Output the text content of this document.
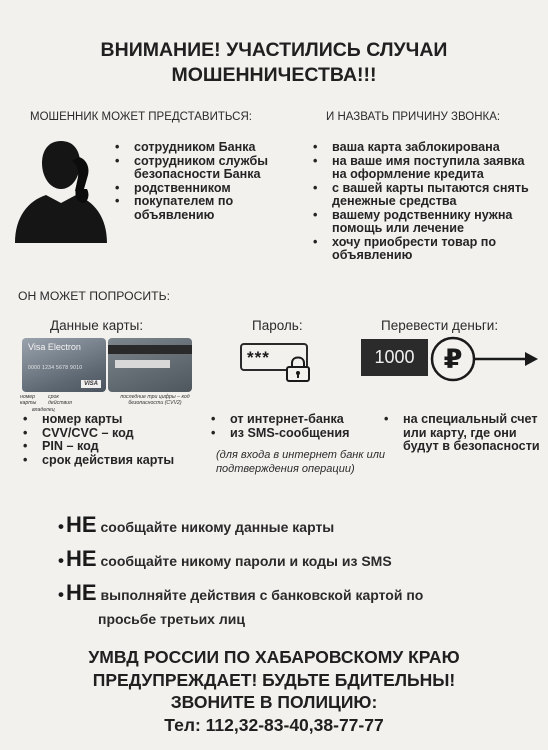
ВНИМАНИЕ! УЧАСТИЛИСЬ СЛУЧАИ
МОШЕННИЧЕСТВА!!!
МОШЕННИК МОЖЕТ ПРЕДСТАВИТЬСЯ:	И НАЗВАТЬ ПРИЧИНУ ЗВОНКА:
• сотрудником Банка
• сотрудником службы безопасности Банка
• родственником
• покупателем по объявлению
• ваша карта заблокирована
• на ваше имя поступила заявка на оформление кредита
• с вашей карты пытаются снять денежные средства
• вашему родственнику нужна помощь или лечение
• хочу приобрести товар по объявлению
ОН МОЖЕТ ПОПРОСИТЬ:
Данные карты:	Пароль:	Перевести деньги:
Visa Electron
0000 1234 5678 9010
VISA
номер карты
срок действия
владелец
последние три цифры – код безопасности (CVV2)
***	1000	₽
• номер карты
• CVV/CVC – код
• PIN – код
• срок действия карты
• от интернет-банка
• из SMS-сообщения
(для входа в интернет банк или подтверждения операции)
• на специальный счет или карту, где они будут в безопасности
•НЕ сообщайте никому данные карты
•НЕ сообщайте никому пароли и коды из SMS
•НЕ выполняйте действия с банковской картой по
просьбе третьих лиц
УМВД РОССИИ ПО ХАБАРОВСКОМУ КРАЮ
ПРЕДУПРЕЖДАЕТ! БУДЬТЕ БДИТЕЛЬНЫ!
ЗВОНИТЕ В ПОЛИЦИЮ:
Тел: 112,32-83-40,38-77-77
